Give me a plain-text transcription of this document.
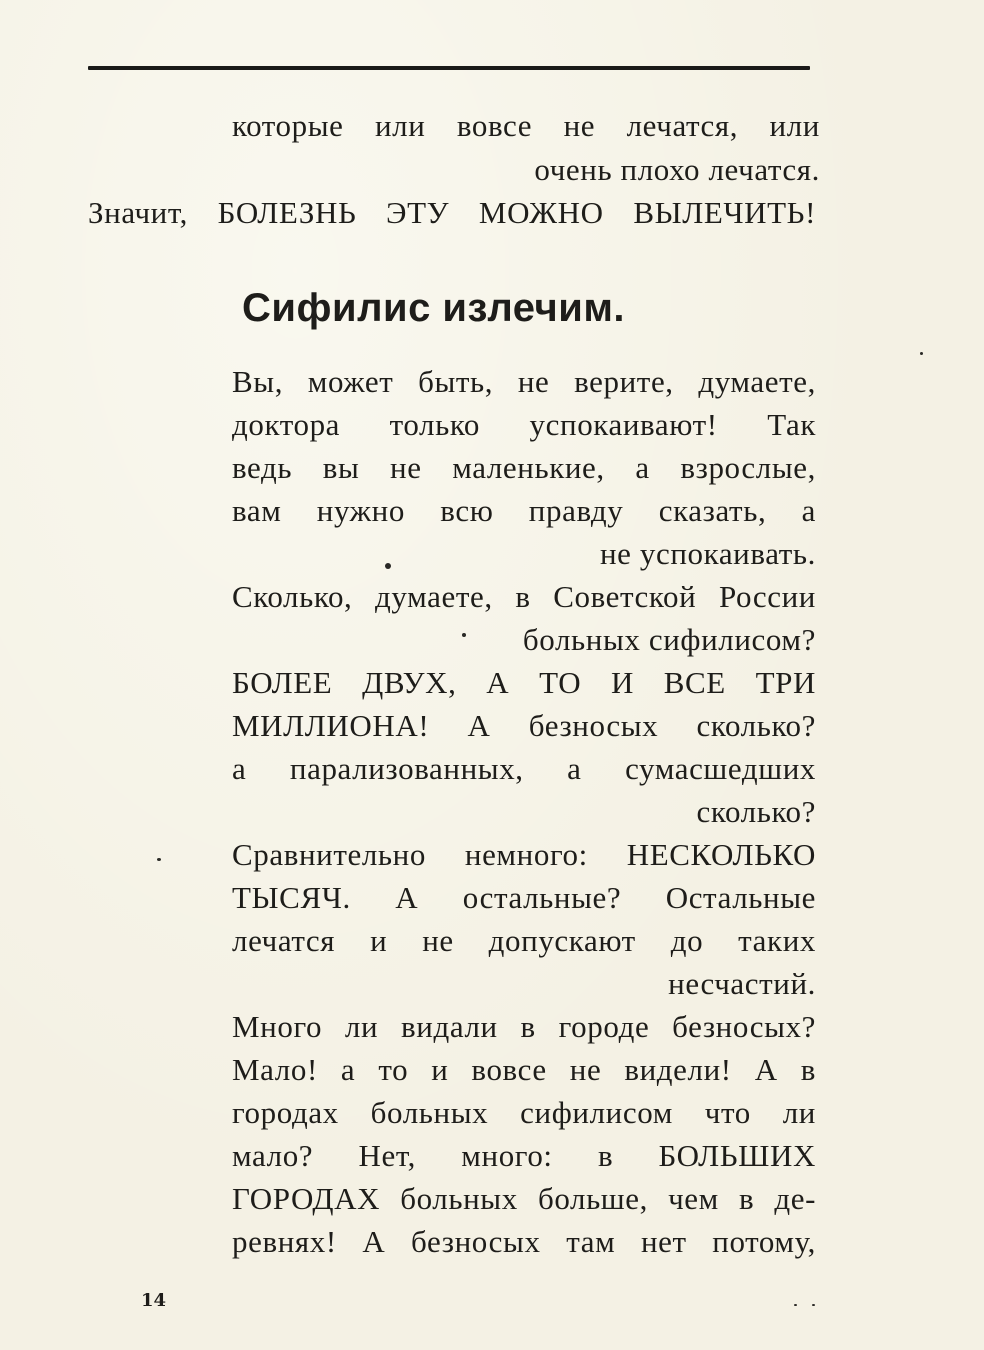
которые или вовсе не лечатся, или
очень плохо лечатся.
Значит, БОЛЕЗНЬ ЭТУ МОЖНО ВЫЛЕЧИТЬ!
Сифилис излечим.
Вы, может быть, не верите, думаете,
доктора только успокаивают! Так
ведь вы не маленькие, а взрослые,
вам нужно всю правду сказать, а
не успокаивать.
Сколько, думаете, в Советской России
больных сифилисом?
БОЛЕЕ ДВУХ, А ТО И ВСЕ ТРИ
МИЛЛИОНА! А безносых сколько?
а парализованных, а сумасшедших
сколько?
Сравнительно немного: НЕСКОЛЬКО
ТЫСЯЧ. А остальные? Остальные
лечатся и не допускают до таких
несчастий.
Много ли видали в городе безносых?
Мало! а то и вовсе не видели! А в
городах больных сифилисом что ли
мало? Нет, много: в БОЛЬШИХ
ГОРОДАХ больных больше, чем в де-
ревнях! А безносых там нет потому,
14
